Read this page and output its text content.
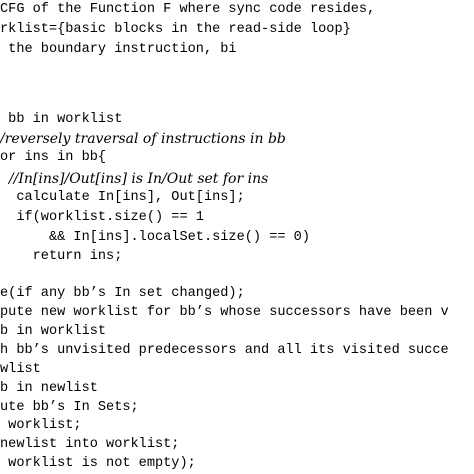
CFG of the Function F where sync code resides,

rklist={basic blocks in the read-side loop}

the boundary instruction, bi

bb in worklist

/reversely traversal of instructions in bb

or ins in bb{

//In[ins]/Out[ins] is In/Out set for ins

calculate In[ins], Out[ins];

if(worklist.size() == 1

&& In[ins].localSet.size() == 0)

return ins;

e(if any bb’s In set changed);

pute new worklist for bb’s whose successors have been v

b in worklist

h bb’s unvisited predecessors and all its visited succe

wlist

b in newlist

ute bb’s In Sets;

worklist;

newlist into worklist;

worklist is not empty);
